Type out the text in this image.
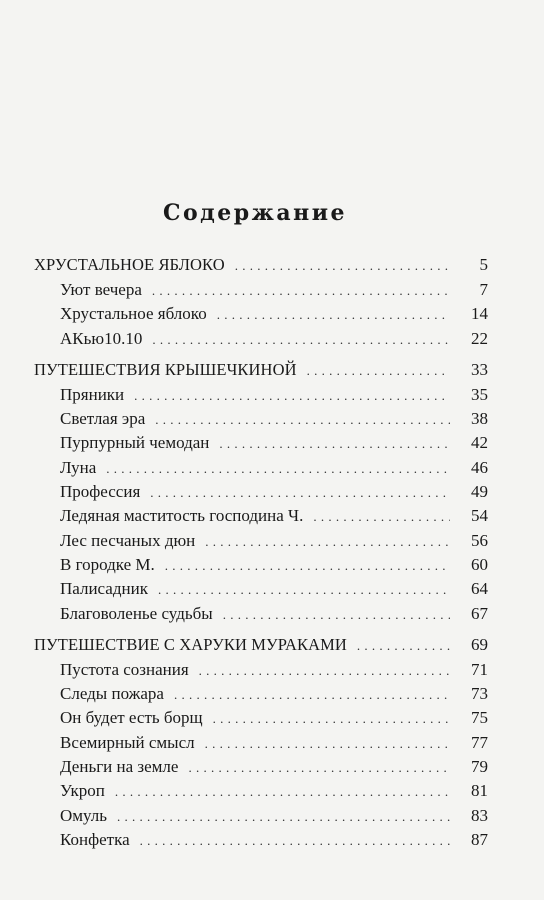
Содержание
ХРУСТАЛЬНОЕ ЯБЛОКО . . .	5
Уют вечера . . .	7
Хрустальное яблоко . . .	14
АКью10.10 . . .	22
ПУТЕШЕСТВИЯ КРЫШЕЧКИНОЙ . . .	33
Пряники . . .	35
Светлая эра . . .	38
Пурпурный чемодан . . .	42
Луна . . .	46
Профессия . . .	49
Ледяная маститость господина Ч. . . .	54
Лес песчаных дюн . . .	56
В городке М. . . .	60
Палисадник . . .	64
Благоволенье судьбы . . .	67
ПУТЕШЕСТВИЕ С ХАРУКИ МУРАКАМИ . . .	69
Пустота сознания . . .	71
Следы пожара . . .	73
Он будет есть борщ . . .	75
Всемирный смысл . . .	77
Деньги на земле . . .	79
Укроп . . .	81
Омуль . . .	83
Конфетка . . .	87
